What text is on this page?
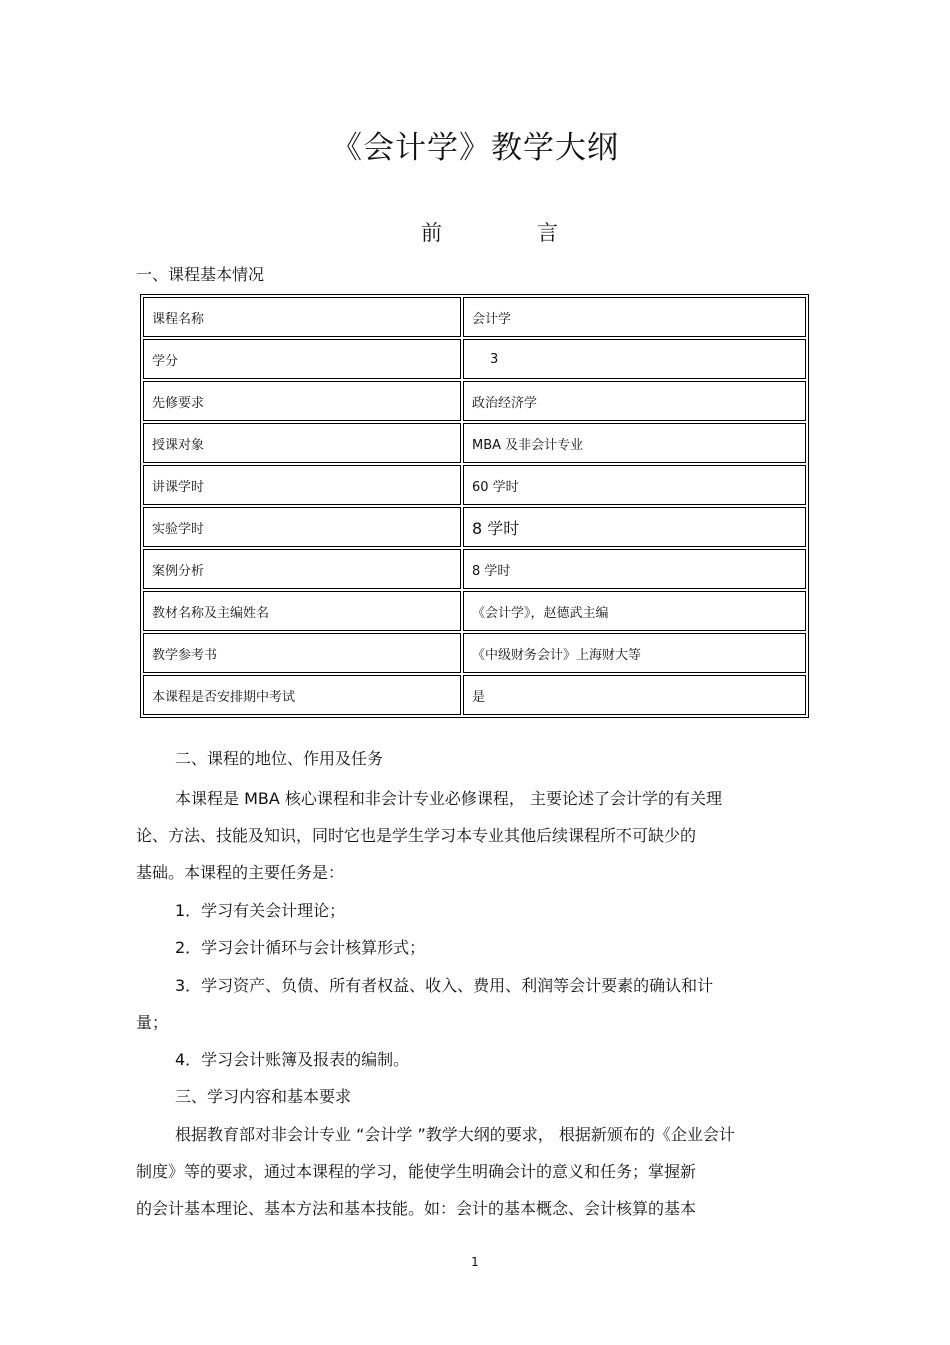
《会计学》教学大纲
前	言
一、课程基本情况
课程名称	会计学
学分	3
先修要求	政治经济学
授课对象	MBA 及非会计专业
讲课学时	60 学时
实验学时	8 学时
案例分析	8 学时
教材名称及主编姓名	《会计学》，赵德武主编
教学参考书	《中级财务会计》上海财大等
本课程是否安排期中考试	是
二、课程的地位、作用及任务
本课程是 MBA 核心课程和非会计专业必修课程， 主要论述了会计学的有关理
论、方法、技能及知识，同时它也是学生学习本专业其他后续课程所不可缺少的
基础。本课程的主要任务是：
1．学习有关会计理论；
2．学习会计循环与会计核算形式；
3．学习资产、负债、所有者权益、收入、费用、利润等会计要素的确认和计
量；
4．学习会计账簿及报表的编制。
三、学习内容和基本要求
根据教育部对非会计专业 “会计学 ”教学大纲的要求， 根据新颁布的《企业会计
制度》等的要求，通过本课程的学习，能使学生明确会计的意义和任务；掌握新
的会计基本理论、基本方法和基本技能。如：会计的基本概念、会计核算的基本
1
